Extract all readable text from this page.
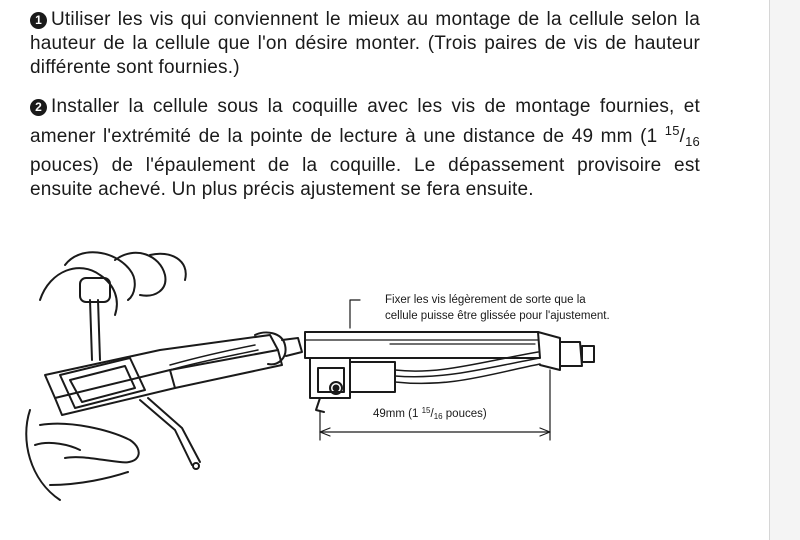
1 Utiliser les vis qui conviennent le mieux au montage de la cellule selon la hauteur de la cellule que l'on désire monter. (Trois paires de vis de hauteur différente sont fournies.)
2 Installer la cellule sous la coquille avec les vis de montage fournies, et amener l'extrémité de la pointe de lecture à une distance de 49 mm (1 $^{15}/_{16}$ pouces) de l'épaulement de la coquille. Le dépassement provisoire est ensuite achevé. Un plus précis ajustement se fera ensuite.
Fixer les vis légèrement de sorte que la
cellule puisse être glissée pour l'ajustement.
49mm (1 $^{15}$/16 pouces)
